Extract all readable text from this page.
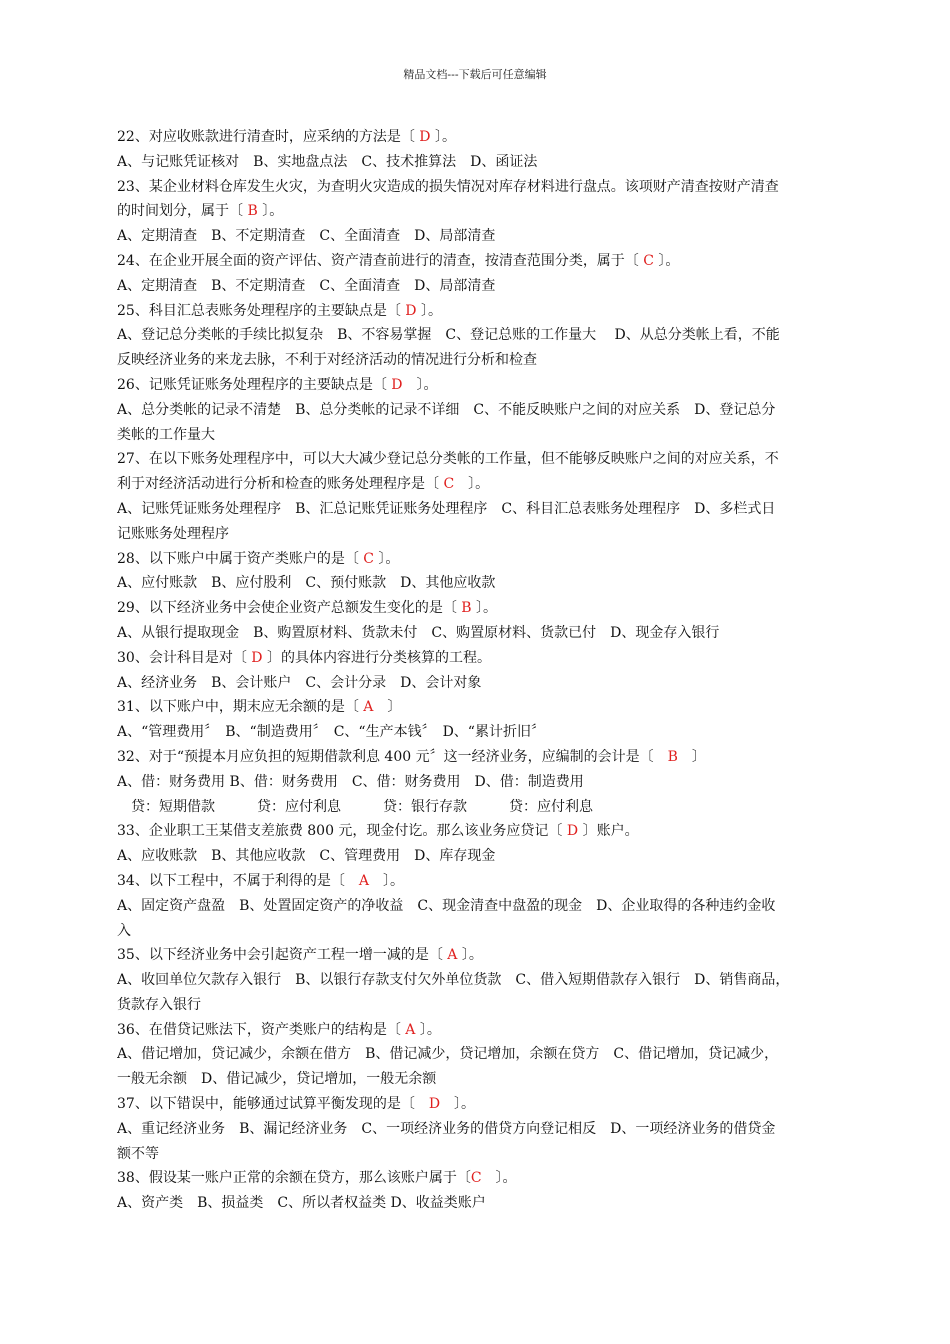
精品文档---下载后可任意编辑
22、对应收账款进行清查时，应采纳的方法是〔 D 〕。
A、与记账凭证核对　B、实地盘点法　C、技术推算法　D、函证法
23、某企业材料仓库发生火灾，为查明火灾造成的损失情况对库存材料进行盘点。该项财产清查按财产清查
的时间划分，属于〔 B 〕。
A、定期清查　B、不定期清查　C、全面清查　D、局部清查
24、在企业开展全面的资产评估、资产清查前进行的清查，按清查范围分类，属于〔 C 〕。
A、定期清查　B、不定期清查　C、全面清查　D、局部清查
25、科目汇总表账务处理程序的主要缺点是〔 D 〕。
A、登记总分类帐的手续比拟复杂　B、不容易掌握　C、登记总账的工作量大　 D、从总分类帐上看，不能
反映经济业务的来龙去脉，不利于对经济活动的情况进行分析和检查
26、记账凭证账务处理程序的主要缺点是〔 D　〕。
A、总分类帐的记录不清楚　B、总分类帐的记录不详细　C、不能反映账户之间的对应关系　D、登记总分
类帐的工作量大
27、在以下账务处理程序中，可以大大减少登记总分类帐的工作量，但不能够反映账户之间的对应关系，不
利于对经济活动进行分析和检查的账务处理程序是〔 C　〕。
A、记账凭证账务处理程序　B、汇总记账凭证账务处理程序　C、科目汇总表账务处理程序　D、多栏式日
记账账务处理程序
28、以下账户中属于资产类账户的是〔 C 〕。
A、应付账款　B、应付股利　C、预付账款　D、其他应收款
29、以下经济业务中会使企业资产总额发生变化的是〔 B 〕。
A、从银行提取现金　B、购置原材料、货款未付　C、购置原材料、货款已付　D、现金存入银行
30、会计科目是对〔 D 〕的具体内容进行分类核算的工程。
A、经济业务　B、会计账户　C、会计分录　D、会计对象
31、以下账户中，期末应无余额的是〔 A　〕
A、“管理费用〞　B、“制造费用〞　C、“生产本钱〞　D、“累计折旧〞
32、对于“预提本月应负担的短期借款利息 400 元〞这一经济业务，应编制的会计是〔　B　〕
A、借：财务费用 B、借：财务费用　C、借：财务费用　D、借：制造费用
　贷：短期借款　　　贷：应付利息　　　贷：银行存款　　　贷：应付利息
33、企业职工王某借支差旅费 800 元，现金付讫。那么该业务应贷记〔 D 〕账户。
A、应收账款　B、其他应收款　C、管理费用　D、库存现金
34、以下工程中，不属于利得的是〔　A　〕。
A、固定资产盘盈　B、处置固定资产的净收益　C、现金清查中盘盈的现金　D、企业取得的各种违约金收
入
35、以下经济业务中会引起资产工程一增一减的是〔 A 〕。
A、收回单位欠款存入银行　B、以银行存款支付欠外单位货款　C、借入短期借款存入银行　D、销售商品，
货款存入银行
36、在借贷记账法下，资产类账户的结构是〔 A 〕。
A、借记增加，贷记减少，余额在借方　B、借记减少，贷记增加，余额在贷方　C、借记增加，贷记减少，
一般无余额　D、借记减少，贷记增加，一般无余额
37、以下错误中，能够通过试算平衡发现的是〔　D　〕。
A、重记经济业务　B、漏记经济业务　C、一项经济业务的借贷方向登记相反　D、一项经济业务的借贷金
额不等
38、假设某一账户正常的余额在贷方，那么该账户属于〔C　〕。
A、资产类　B、损益类　C、所以者权益类 D、收益类账户
